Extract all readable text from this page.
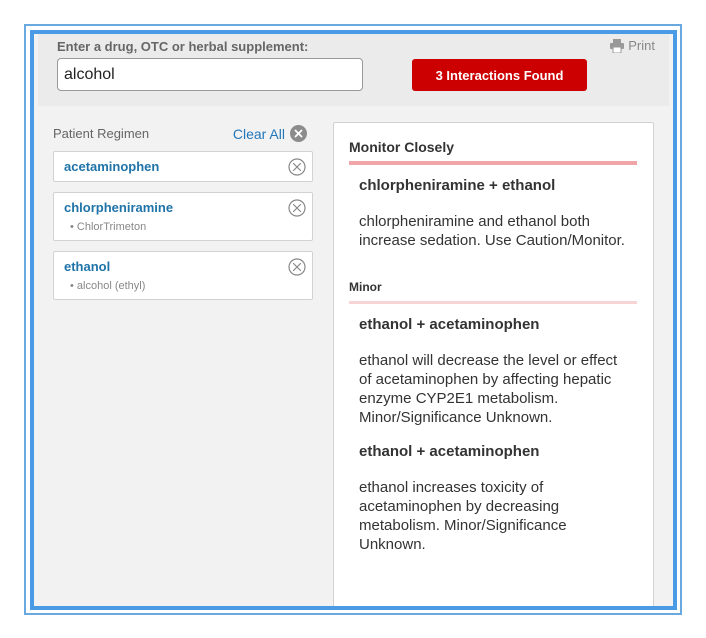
Enter a drug, OTC or herbal supplement:	Print
alcohol
3 Interactions Found
Patient Regimen	Clear All
acetaminophen
chlorpheniramine
• ChlorTrimeton
ethanol
• alcohol (ethyl)
Monitor Closely
chlorpheniramine + ethanol
chlorpheniramine and ethanol both increase sedation. Use Caution/Monitor.
Minor
ethanol + acetaminophen
ethanol will decrease the level or effect of acetaminophen by affecting hepatic enzyme CYP2E1 metabolism. Minor/Significance Unknown.
ethanol + acetaminophen
ethanol increases toxicity of acetaminophen by decreasing metabolism. Minor/Significance Unknown.
